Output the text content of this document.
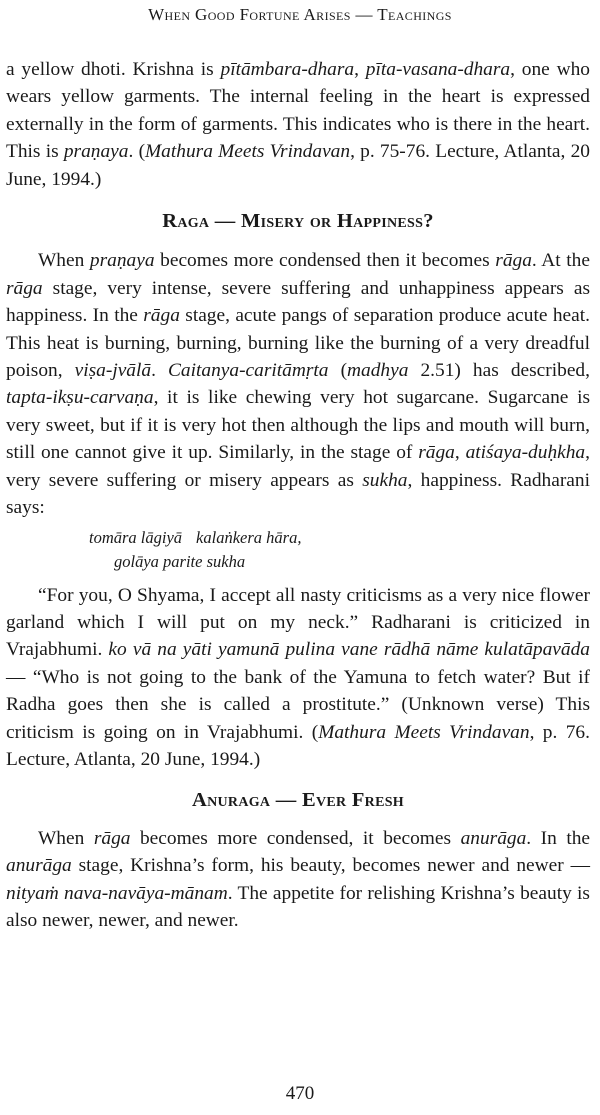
When Good Fortune Arises — Teachings

a yellow dhoti. Krishna is pītāmbara-dhara, pīta-vasana-dhara, one who wears yellow garments. The internal feeling in the heart is expressed externally in the form of garments. This indicates who is there in the heart. This is praṇaya. (Mathura Meets Vrindavan, p. 75-76. Lecture, Atlanta, 20 June, 1994.)

Raga — Misery or Happiness?

When praṇaya becomes more condensed then it becomes rāga. At the rāga stage, very intense, severe suffering and unhappiness appears as happiness. In the rāga stage, acute pangs of separation produce acute heat. This heat is burning, burning, burning like the burning of a very dreadful poison, viṣa-jvālā. Caitanya-caritāmṛta (madhya 2.51) has described, tapta-ikṣu-carvaṇa, it is like chewing very hot sugarcane. Sugarcane is very sweet, but if it is very hot then although the lips and mouth will burn, still one cannot give it up. Similarly, in the stage of rāga, atiśaya-duḥkha, very severe suffering or misery appears as sukha, happiness. Radharani says:

tomāra lāgiyā kalaṅkera hāra,
golāya parite sukha

“For you, O Shyama, I accept all nasty criticisms as a very nice flower garland which I will put on my neck.” Radharani is criticized in Vrajabhumi. ko vā na yāti yamunā pulina vane rādhā nāme kulatāpavāda — “Who is not going to the bank of the Yamuna to fetch water? But if Radha goes then she is called a prostitute.” (Unknown verse) This criticism is going on in Vrajabhumi. (Mathura Meets Vrindavan, p. 76. Lecture, Atlanta, 20 June, 1994.)

Anuraga — Ever Fresh

When rāga becomes more condensed, it becomes anurāga. In the anurāga stage, Krishna’s form, his beauty, becomes newer and newer — nityaṁ nava-navāya-mānam. The appetite for relishing Krishna’s beauty is also newer, newer, and newer.

470
